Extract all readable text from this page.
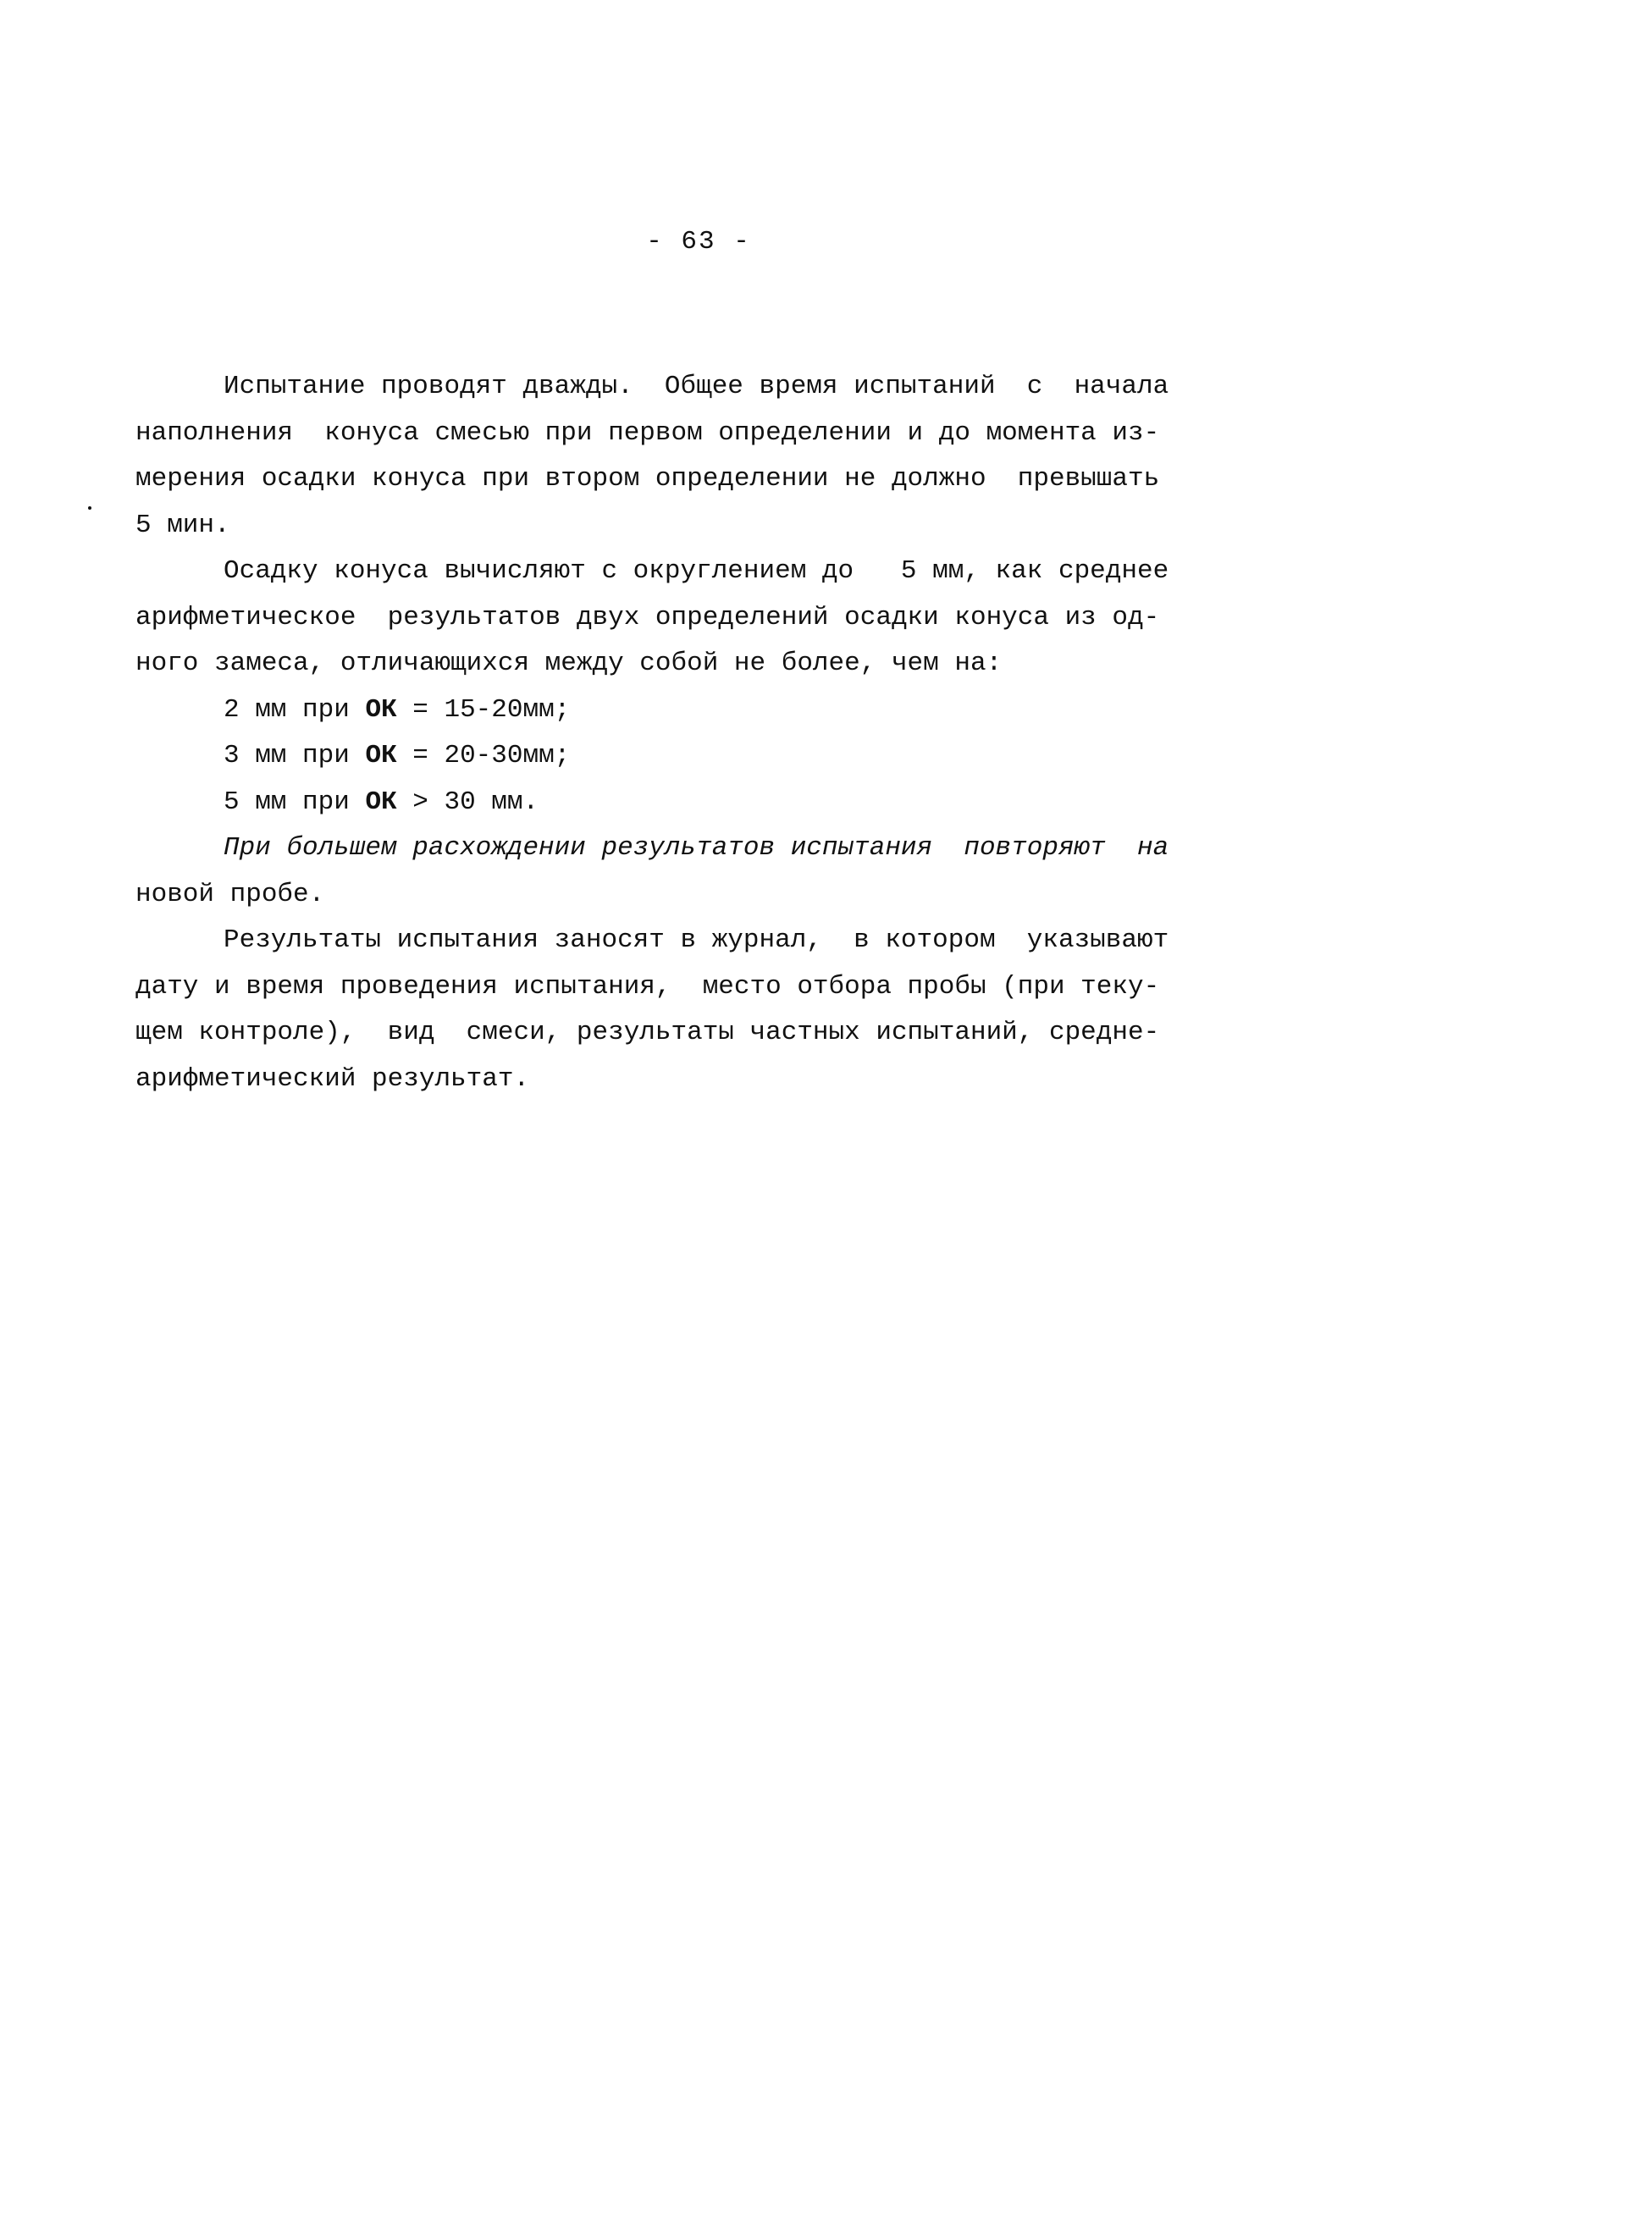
- 63 -
Испытание проводят дважды.  Общее время испытаний  с  начала
наполнения  конуса смесью при первом определении и до момента из-
мерения осадки конуса при втором определении не должно  превышать
5 мин.
Осадку конуса вычисляют с округлением до   5 мм, как среднее
арифметическое  результатов двух определений осадки конуса из од-
ного замеса, отличающихся между собой не более, чем на:
2 мм при ОК = 15-20мм;
3 мм при ОК = 20-30мм;
5 мм при ОК > 30 мм.
При большем расхождении результатов испытания  повторяют  на
новой пробе.
Результаты испытания заносят в журнал,  в котором  указывают
дату и время проведения испытания,  место отбора пробы (при теку-
щем контроле),  вид  смеси, результаты частных испытаний, средне-
арифметический результат.
